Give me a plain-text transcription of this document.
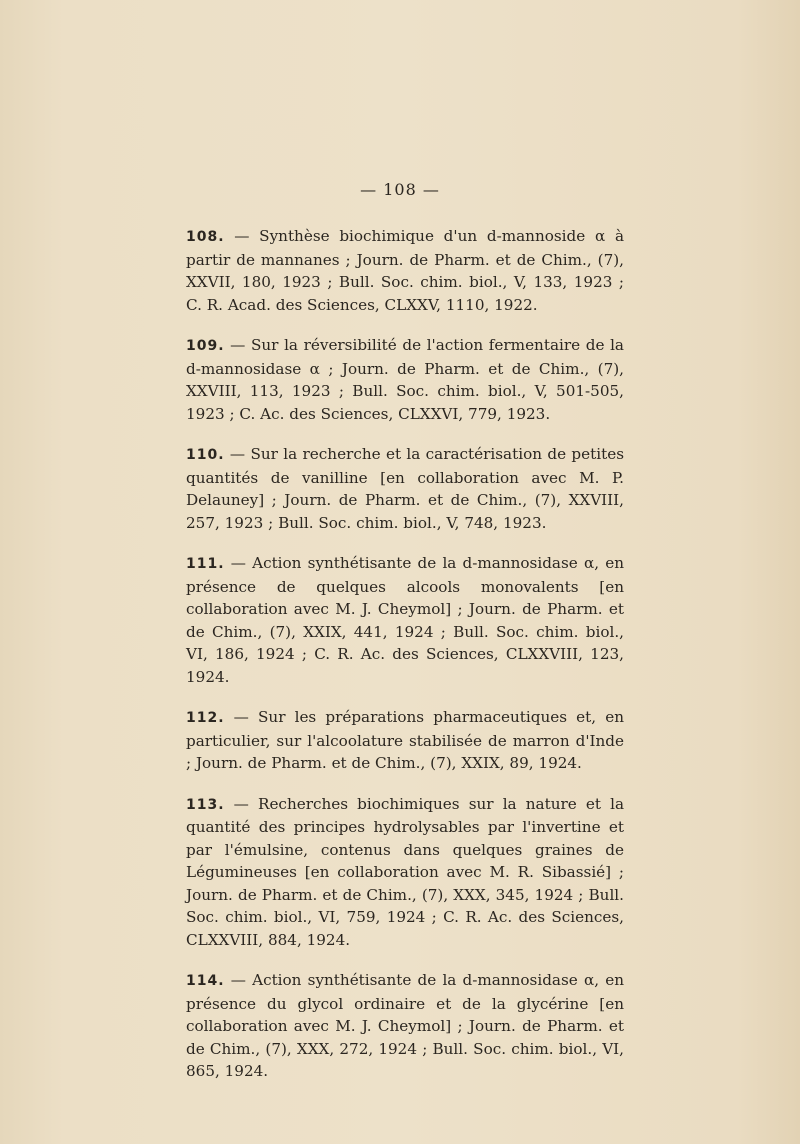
— 108 —

108. — Synthèse biochimique d'un d-mannoside α à partir de mannanes ; Journ. de Pharm. et de Chim., (7), XXVII, 180, 1923 ; Bull. Soc. chim. biol., V, 133, 1923 ; C. R. Acad. des Sciences, CLXXV, 1110, 1922.

109. — Sur la réversibilité de l'action fermentaire de la d-mannosidase α ; Journ. de Pharm. et de Chim., (7), XXVIII, 113, 1923 ; Bull. Soc. chim. biol., V, 501-505, 1923 ; C. Ac. des Sciences, CLXXVI, 779, 1923.

110. — Sur la recherche et la caractérisation de petites quantités de vanilline [en collaboration avec M. P. Delauney] ; Journ. de Pharm. et de Chim., (7), XXVIII, 257, 1923 ; Bull. Soc. chim. biol., V, 748, 1923.

111. — Action synthétisante de la d-mannosidase α, en présence de quelques alcools monovalents [en collaboration avec M. J. Cheymol] ; Journ. de Pharm. et de Chim., (7), XXIX, 441, 1924 ; Bull. Soc. chim. biol., VI, 186, 1924 ; C. R. Ac. des Sciences, CLXXVIII, 123, 1924.

112. — Sur les préparations pharmaceutiques et, en particulier, sur l'alcoolature stabilisée de marron d'Inde ; Journ. de Pharm. et de Chim., (7), XXIX, 89, 1924.

113. — Recherches biochimiques sur la nature et la quantité des principes hydrolysables par l'invertine et par l'émulsine, contenus dans quelques graines de Légumineuses [en collaboration avec M. R. Sibassié] ; Journ. de Pharm. et de Chim., (7), XXX, 345, 1924 ; Bull. Soc. chim. biol., VI, 759, 1924 ; C. R. Ac. des Sciences, CLXXVIII, 884, 1924.

114. — Action synthétisante de la d-mannosidase α, en présence du glycol ordinaire et de la glycérine [en collaboration avec M. J. Cheymol] ; Journ. de Pharm. et de Chim., (7), XXX, 272, 1924 ; Bull. Soc. chim. biol., VI, 865, 1924.
